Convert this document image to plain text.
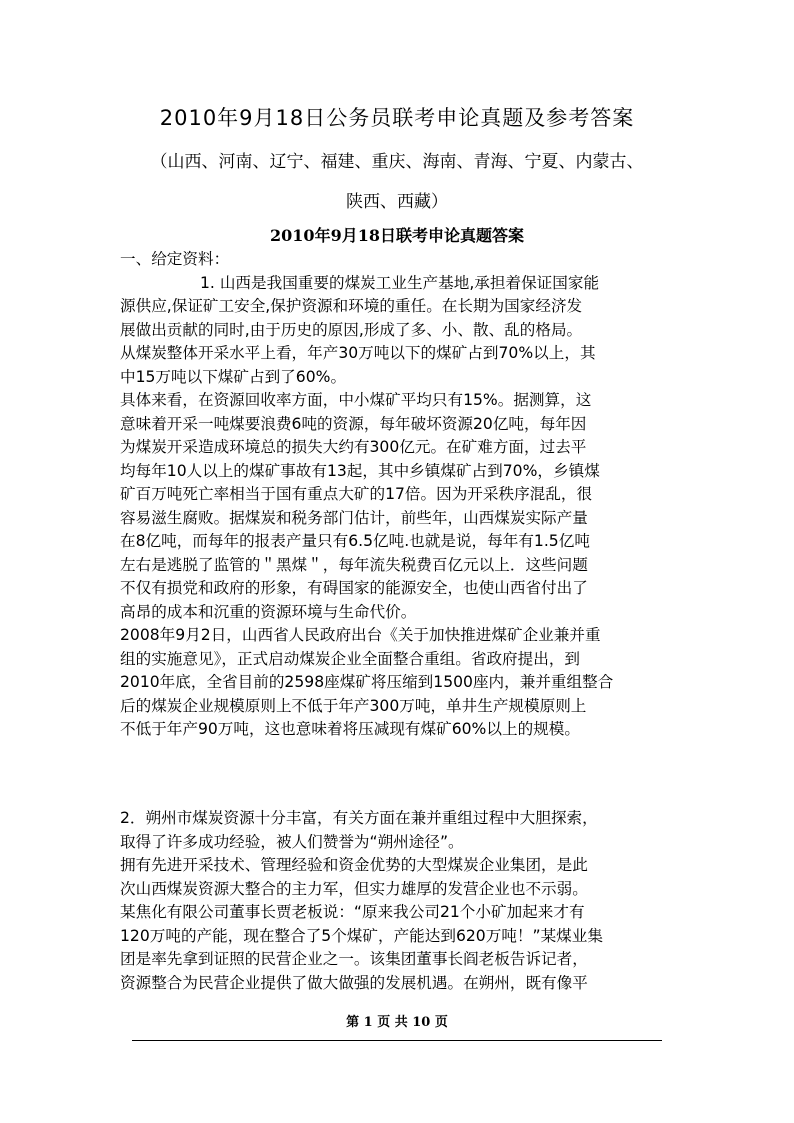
2010年9月18日公务员联考申论真题及参考答案
（山西、河南、辽宁、福建、重庆、海南、青海、宁夏、内蒙古、
陕西、西藏）
2010年9月18日联考申论真题答案
一、给定资料：
1. 山西是我国重要的煤炭工业生产基地,承担着保证国家能
源供应,保证矿工安全,保护资源和环境的重任。在长期为国家经济发
展做出贡献的同时,由于历史的原因,形成了多、小、散、乱的格局。
从煤炭整体开采水平上看，年产30万吨以下的煤矿占到70%以上，其
中15万吨以下煤矿占到了60%。
具体来看，在资源回收率方面，中小煤矿平均只有15%。据测算，这
意味着开采一吨煤要浪费6吨的资源，每年破坏资源20亿吨，每年因
为煤炭开采造成环境总的损失大约有300亿元。在矿难方面，过去平
均每年10人以上的煤矿事故有13起，其中乡镇煤矿占到70%，乡镇煤
矿百万吨死亡率相当于国有重点大矿的17倍。因为开采秩序混乱，很
容易滋生腐败。据煤炭和税务部门估计，前些年，山西煤炭实际产量
在8亿吨，而每年的报表产量只有6.5亿吨.也就是说，每年有1.5亿吨
左右是逃脱了监管的＂黑煤＂，每年流失税费百亿元以上．这些问题
不仅有损党和政府的形象，有碍国家的能源安全，也使山西省付出了
高昂的成本和沉重的资源环境与生命代价。
2008年9月2日，山西省人民政府出台《关于加快推进煤矿企业兼并重
组的实施意见》，正式启动煤炭企业全面整合重组。省政府提出，到
2010年底，全省目前的2598座煤矿将压缩到1500座内，兼并重组整合
后的煤炭企业规模原则上不低于年产300万吨，单井生产规模原则上
不低于年产90万吨，这也意味着将压减现有煤矿60%以上的规模。
2．朔州市煤炭资源十分丰富，有关方面在兼并重组过程中大胆探索，
取得了许多成功经验，被人们赞誉为“朔州途径”。
拥有先进开采技术、管理经验和资金优势的大型煤炭企业集团，是此
次山西煤炭资源大整合的主力军，但实力雄厚的发营企业也不示弱。
某焦化有限公司董事长贾老板说：“原来我公司21个小矿加起来才有
120万吨的产能，现在整合了5个煤矿，产能达到620万吨！”某煤业集
团是率先拿到证照的民营企业之一。该集团董事长阎老板告诉记者，
资源整合为民营企业提供了做大做强的发展机遇。在朔州，既有像平
第 1 页 共 10 页
